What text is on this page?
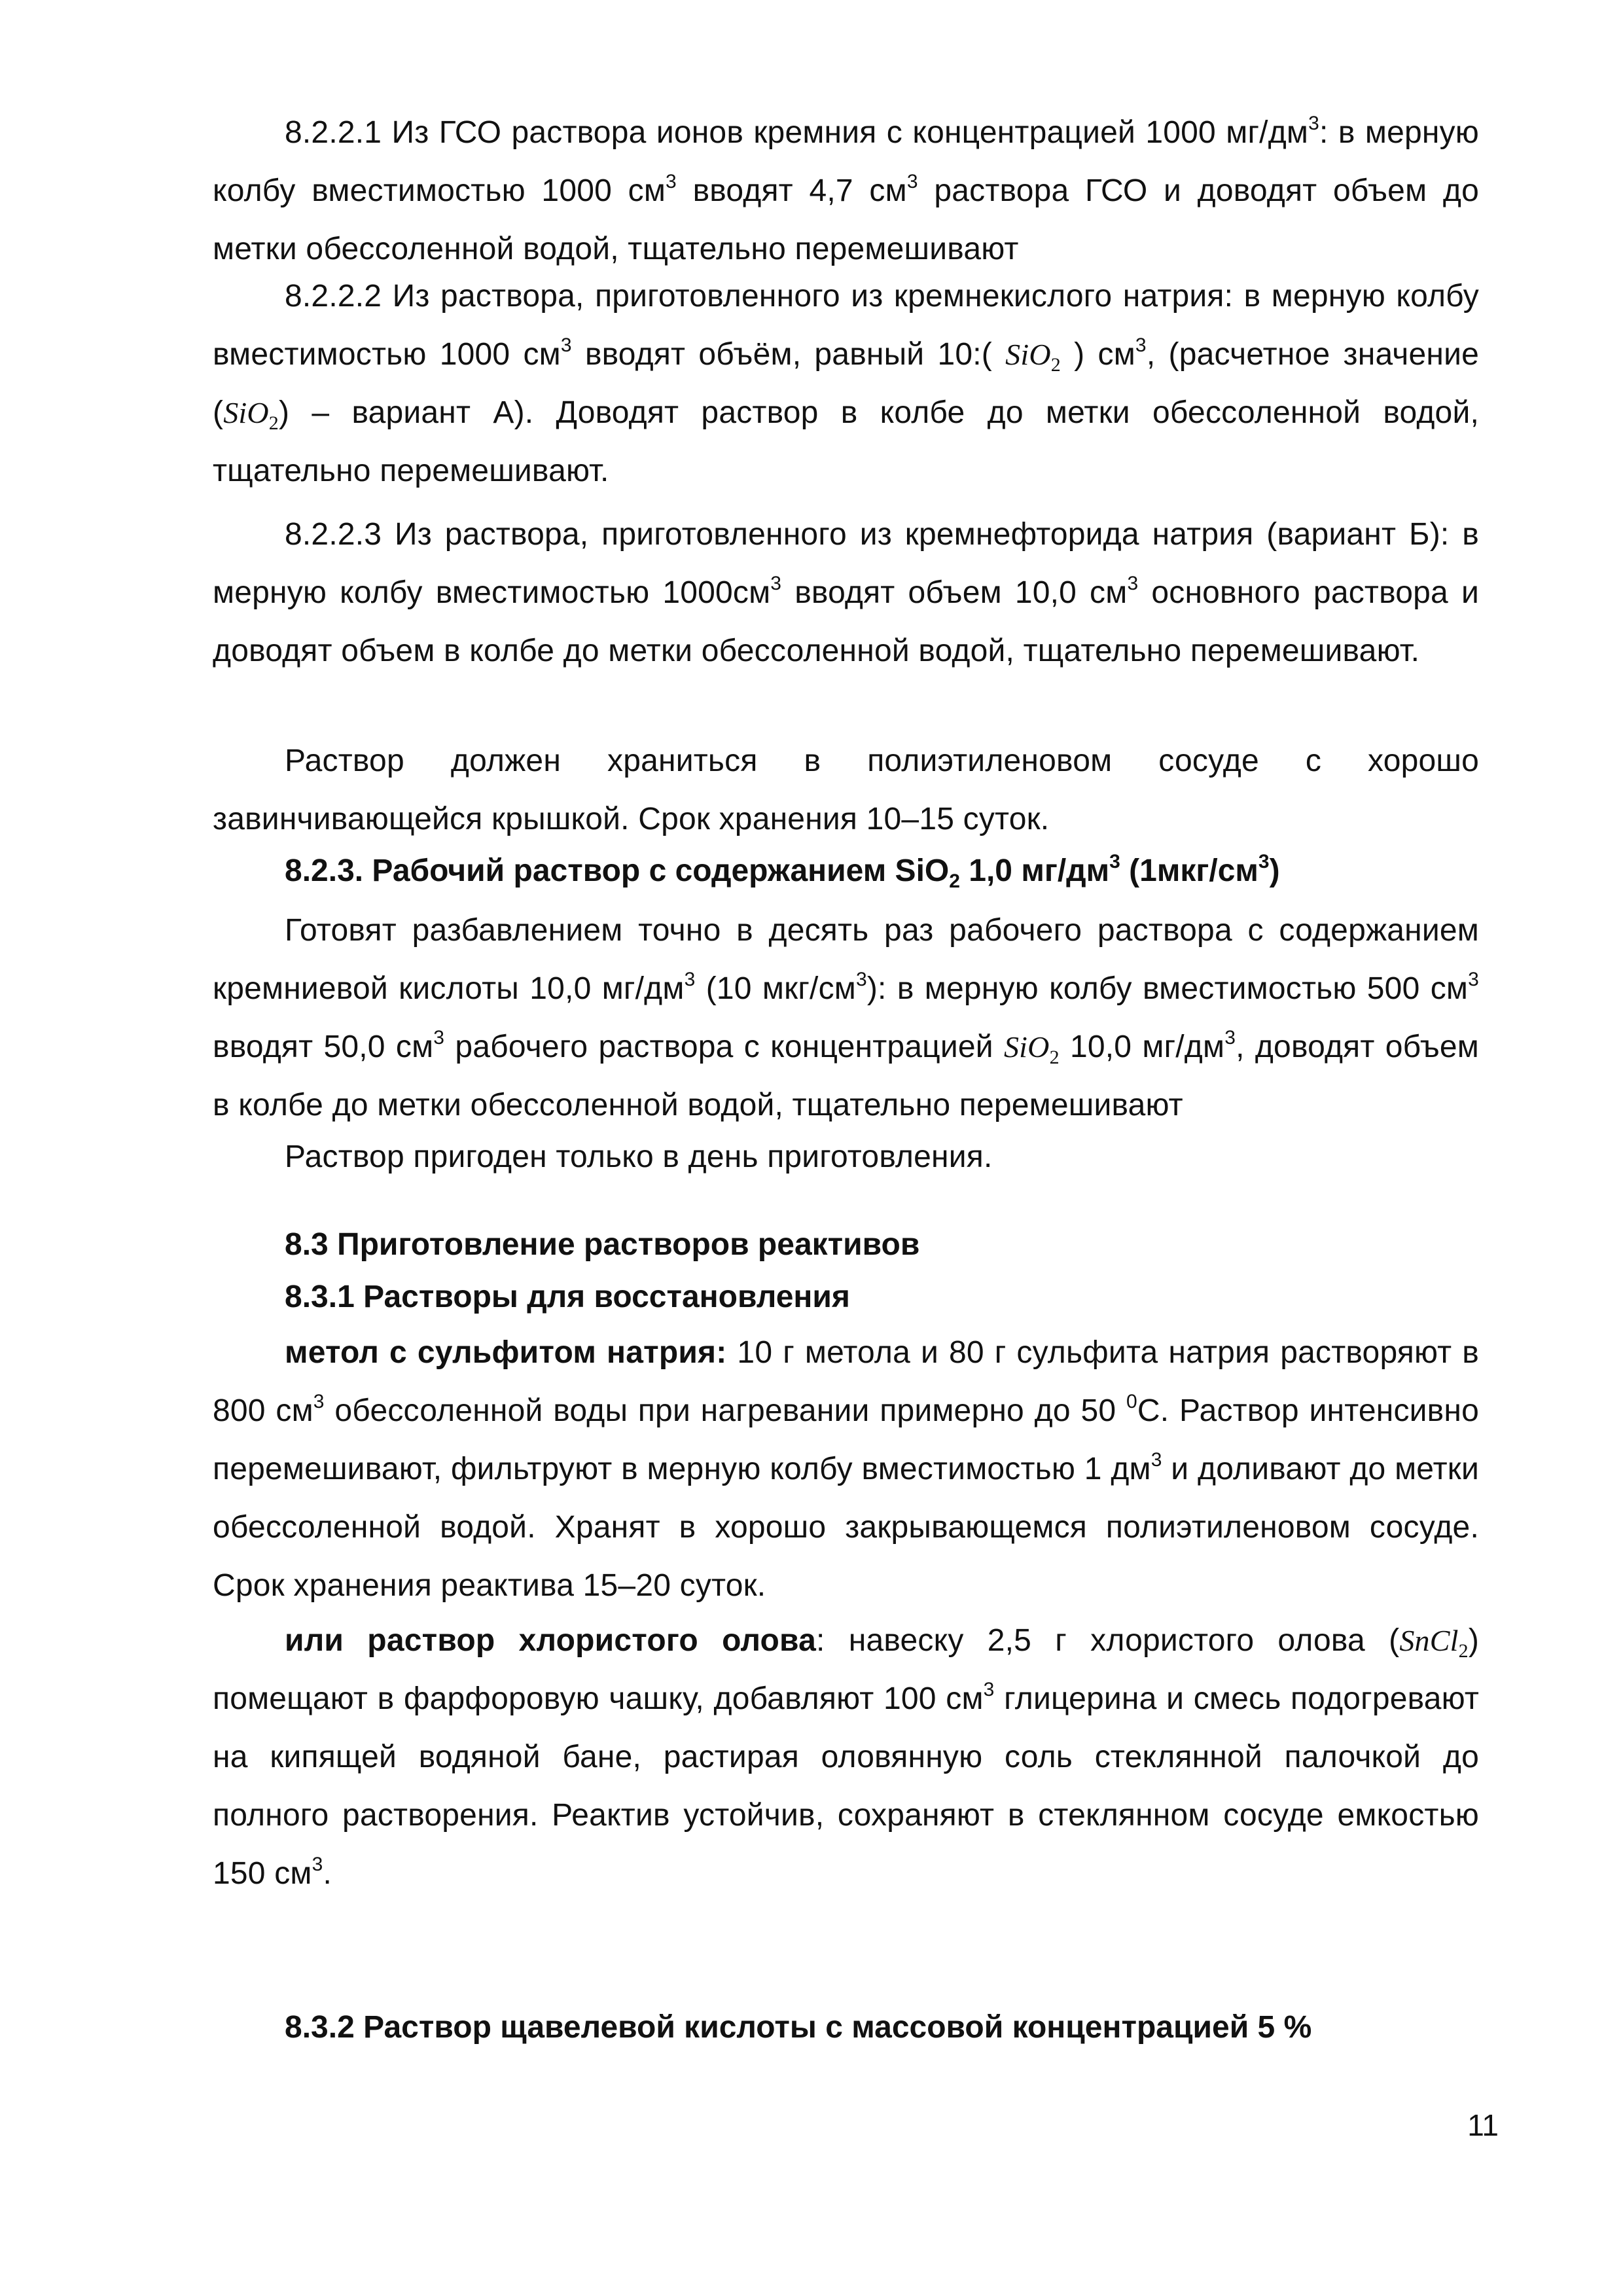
8.2.2.1 Из ГСО раствора ионов кремния с концентрацией 1000 $мг/дм^3$: в мерную колбу вместимостью 1000 $см^3$ вводят 4,7 $см^3$ раствора ГСО и доводят объем до метки обессоленной водой, тщательно перемешивают

8.2.2.2 Из раствора, приготовленного из кремнекислого натрия: в мерную колбу вместимостью 1000 $см^3$ вводят объём, равный 10:( SiO$_2$ ) $см^3$, (расчетное значение (SiO$_2$) – вариант А). Доводят раствор в колбе до метки обессоленной водой, тщательно перемешивают.

8.2.2.3 Из раствора, приготовленного из кремнефторида натрия (вариант Б): в мерную колбу вместимостью $1000см^3$ вводят объем 10,0 $см^3$ основного раствора и доводят объем в колбе до метки обессоленной водой, тщательно перемешивают.

Раствор должен храниться в полиэтиленовом сосуде с хорошо завинчивающейся крышкой. Срок хранения 10–15 суток.

8.2.3. Рабочий раствор с содержанием SiO$_2$ 1,0 $мг/дм^3$ $(1мкг/см^3)$

Готовят разбавлением точно в десять раз рабочего раствора с содержанием кремниевой кислоты 10,0 $мг/дм^3$ (10 мкг/$см^3$): в мерную колбу вместимостью 500 $см^3$ вводят 50,0 $см^3$ рабочего раствора с концентрацией SiO$_2$ 10,0 $мг/дм^3$, доводят объем в колбе до метки обессоленной водой, тщательно перемешивают

Раствор пригоден только в день приготовления.

8.3 Приготовление растворов реактивов
8.3.1 Растворы для восстановления

метол с сульфитом натрия: 10 г метола и 80 г сульфита натрия растворяют в 800 $см^3$ обессоленной воды при нагревании примерно до 50 $^0$С. Раствор интенсивно перемешивают, фильтруют в мерную колбу вместимостью 1 $дм^3$ и доливают до метки обессоленной водой. Хранят в хорошо закрывающемся полиэтиленовом сосуде. Срок хранения реактива 15–20 суток.

или раствор хлористого олова: навеску 2,5 г хлористого олова (SnCl$_2$) помещают в фарфоровую чашку, добавляют 100 $см^3$ глицерина и смесь подогревают на кипящей водяной бане, растирая оловянную соль стеклянной палочкой до полного растворения. Реактив устойчив, сохраняют в стеклянном сосуде емкостью 150 $см^3$.

8.3.2 Раствор щавелевой кислоты с массовой концентрацией 5 %

11
